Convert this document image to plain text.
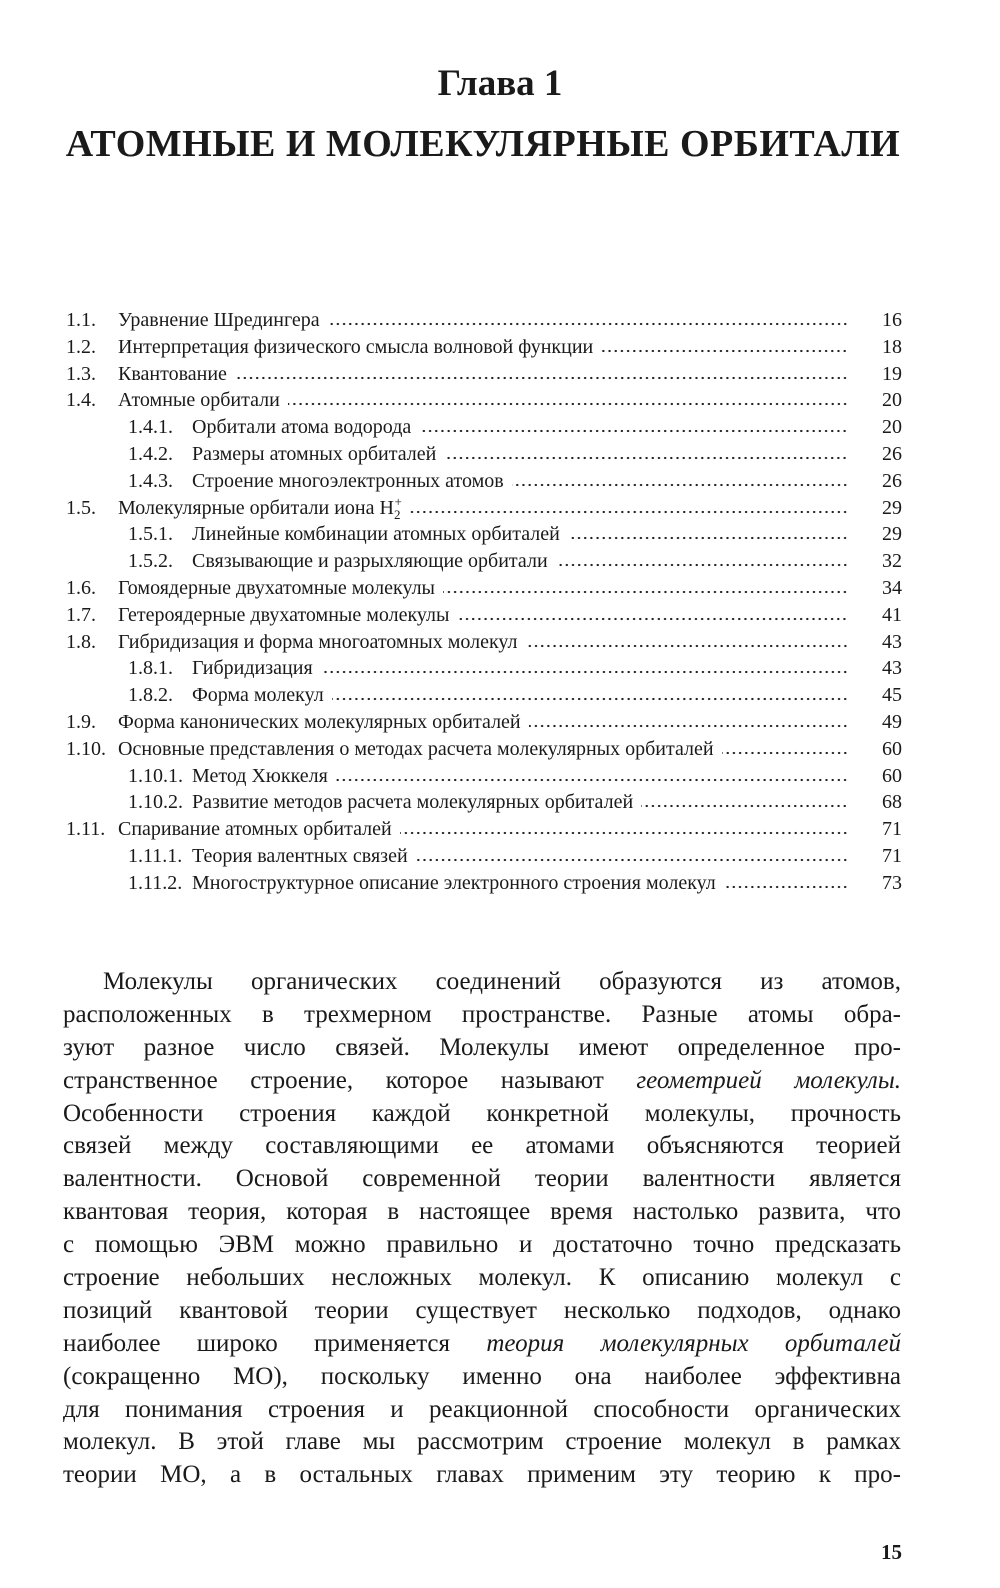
Глава 1
АТОМНЫЕ И МОЛЕКУЛЯРНЫЕ ОРБИТАЛИ
1.1.	Уравнение Шредингера	16
1.2.	Интерпретация физического смысла волновой функции	18
1.3.	Квантование	19
1.4.	Атомные орбитали	20
1.4.1. Орбитали атома водорода	20
1.4.2. Размеры атомных орбиталей	26
1.4.3. Строение многоэлектронных атомов	26
1.5.	Молекулярные орбитали иона $H_2^+$	29
1.5.1. Линейные комбинации атомных орбиталей	29
1.5.2. Связывающие и разрыхляющие орбитали	32
1.6.	Гомоядерные двухатомные молекулы	34
1.7.	Гетероядерные двухатомные молекулы	41
1.8.	Гибридизация и форма многоатомных молекул	43
1.8.1. Гибридизация	43
1.8.2. Форма молекул	45
1.9.	Форма канонических молекулярных орбиталей	49
1.10. Основные представления о методах расчета молекулярных орбиталей	60
1.10.1. Метод Хюккеля	60
1.10.2. Развитие методов расчета молекулярных орбиталей	68
1.11. Спаривание атомных орбиталей	71
1.11.1. Теория валентных связей	71
1.11.2. Многоструктурное описание электронного строения молекул	73
Молекулы органических соединений образуются из атомов,
расположенных в трехмерном пространстве. Разные атомы обра-
зуют разное число связей. Молекулы имеют определенное про-
странственное строение, которое называют геометрией молекулы.
Особенности строения каждой конкретной молекулы, прочность
связей между составляющими ее атомами объясняются теорией
валентности. Основой современной теории валентности является
квантовая теория, которая в настоящее время настолько развита, что
с помощью ЭВМ можно правильно и достаточно точно предсказать
строение небольших несложных молекул. К описанию молекул с
позиций квантовой теории существует несколько подходов, однако
наиболее широко применяется теория молекулярных орбиталей
(сокращенно МО), поскольку именно она наиболее эффективна
для понимания строения и реакционной способности органических
молекул. В этой главе мы рассмотрим строение молекул в рамках
теории МО, а в остальных главах применим эту теорию к про-
15
